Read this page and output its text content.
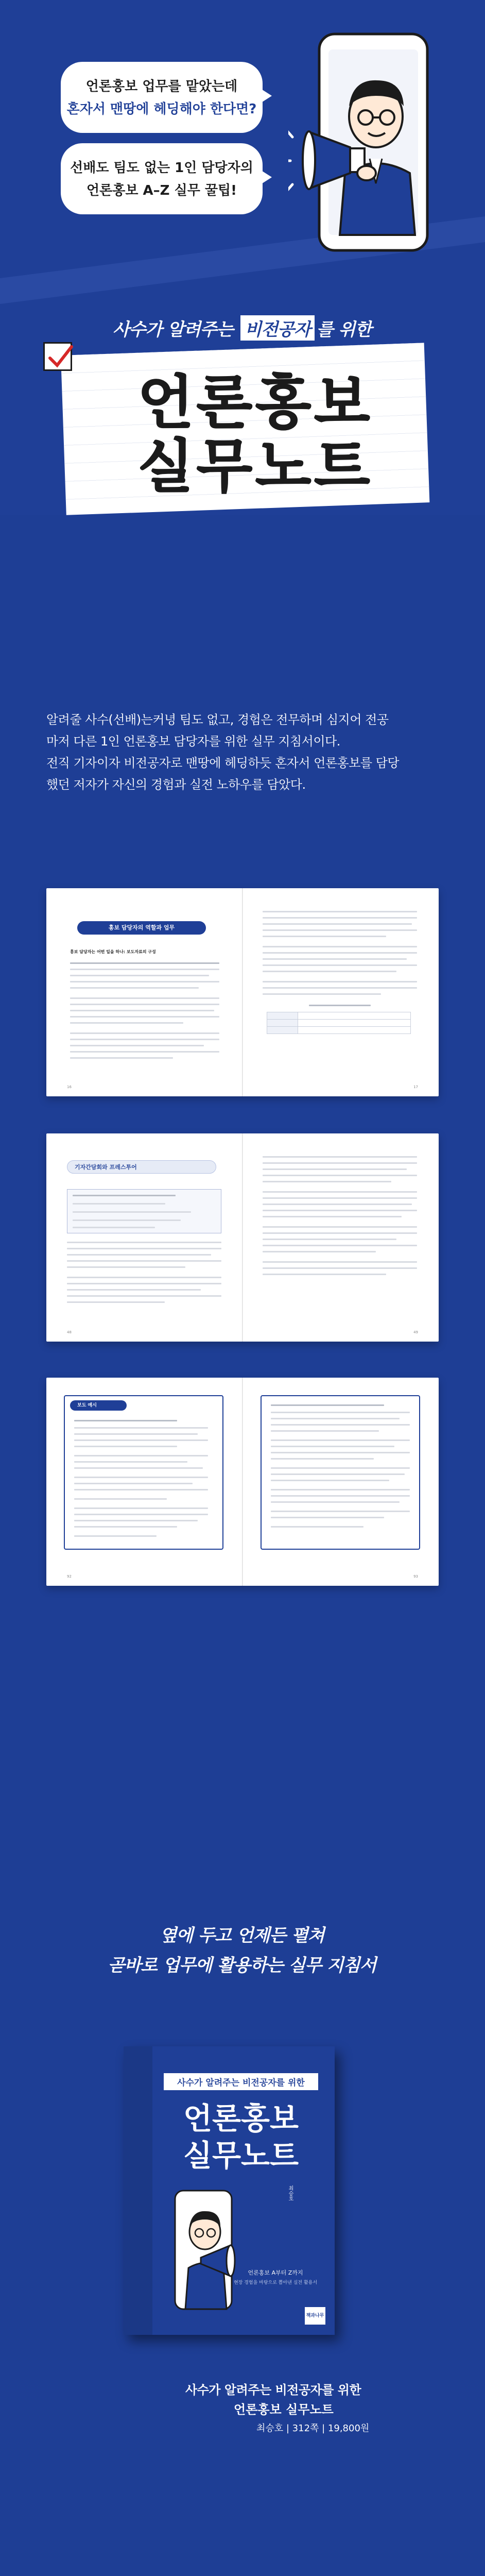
언론홍보 업무를 맡았는데
혼자서 맨땅에 헤딩해야 한다면?
선배도 팀도 없는 1인 담당자의
언론홍보 A–Z 실무 꿀팁!
사수가 알려주는 비전공자 를 위한
언론홍보
실무노트

알려줄 사수(선배)는커녕 팀도 없고, 경험은 전무하며 심지어 전공

마저 다른 1인 언론홍보 담당자를 위한 실무 지침서이다.

전직 기자이자 비전공자로 맨땅에 헤딩하듯 혼자서 언론홍보를 담당

했던 저자가 자신의 경험과 실전 노하우를 담았다.

홍보 담당자의 역할과 업무
홍보 담당자는 어떤 일을 하나: 보도자료의 구성
16

		17
기자간담회와 프레스투어
48	49
보도 예시
92	93
옆에 두고 언제든 펼쳐
곧바로 업무에 활용하는 실무 지침서
사수가 알려주는 비전공자를 위한
언론홍보
실무노트
최승호
언론홍보 A부터 Z까지
현장 경험을 바탕으로 뽑아낸 실전 활용서
책과나무
사수가 알려주는 비전공자를 위한
언론홍보 실무노트
최승호 | 312쪽 | 19,800원
